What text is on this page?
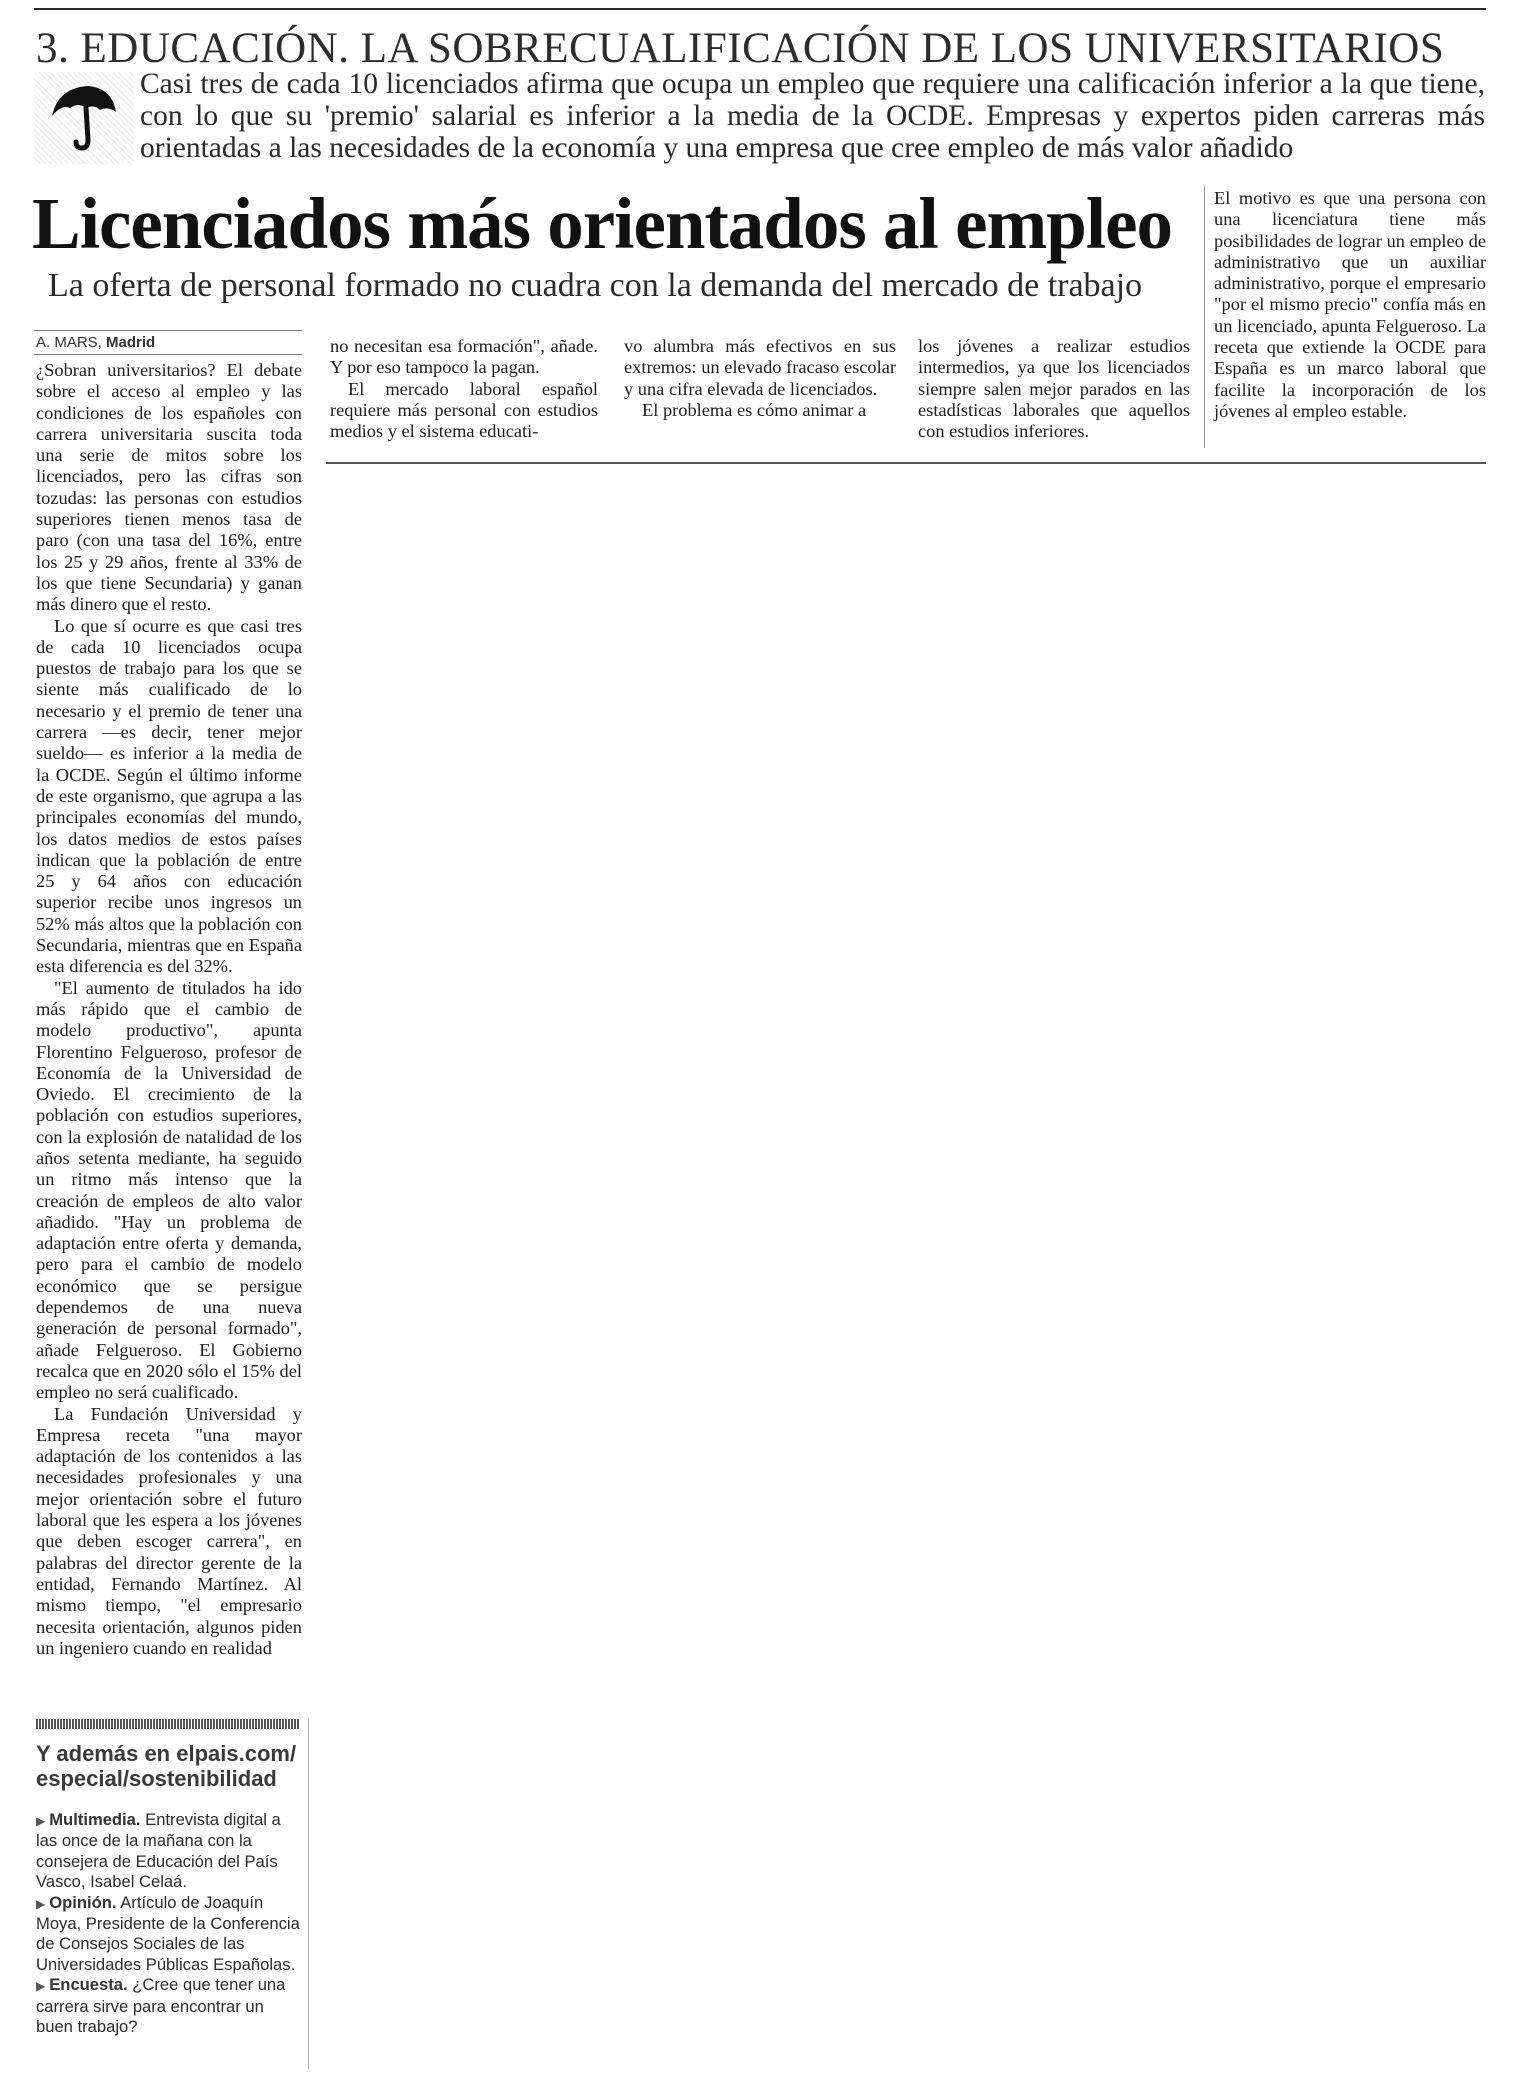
3. EDUCACIÓN. LA SOBRECUALIFICACIÓN DE LOS UNIVERSITARIOS
Casi tres de cada 10 licenciados afirma que ocupa un empleo que requiere una calificación inferior a la que tiene, con lo que su 'premio' salarial es inferior a la media de la OCDE. Empresas y expertos piden carreras más orientadas a las necesidades de la economía y una empresa que cree empleo de más valor añadido
Licenciados más orientados al empleo
La oferta de personal formado no cuadra con la demanda del mercado de trabajo
El motivo es que una persona con una licenciatura tiene más posibilidades de lograr un empleo de administrativo que un auxiliar administrativo, porque el empresario "por el mismo precio" confía más en un licenciado, apunta Felgueroso. La receta que extiende la OCDE para España es un marco laboral que facilite la incorporación de los jóvenes al empleo estable.
A. MARS, Madrid

¿Sobran universitarios? El debate sobre el acceso al empleo y las condiciones de los españoles con carrera universitaria suscita toda una serie de mitos sobre los licenciados, pero las cifras son tozudas: las personas con estudios superiores tienen menos tasa de paro (con una tasa del 16%, entre los 25 y 29 años, frente al 33% de los que tiene Secundaria) y ganan más dinero que el resto.

Lo que sí ocurre es que casi tres de cada 10 licenciados ocupa puestos de trabajo para los que se siente más cualificado de lo necesario y el premio de tener una carrera —es decir, tener mejor sueldo— es inferior a la media de la OCDE. Según el último informe de este organismo, que agrupa a las principales economías del mundo, los datos medios de estos países indican que la población de entre 25 y 64 años con educación superior recibe unos ingresos un 52% más altos que la población con Secundaria, mientras que en España esta diferencia es del 32%.

"El aumento de titulados ha ido más rápido que el cambio de modelo productivo", apunta Florentino Felgueroso, profesor de Economía de la Universidad de Oviedo. El crecimiento de la población con estudios superiores, con la explosión de natalidad de los años setenta mediante, ha seguido un ritmo más intenso que la creación de empleos de alto valor añadido. "Hay un problema de adaptación entre oferta y demanda, pero para el cambio de modelo económico que se persigue dependemos de una nueva generación de personal formado", añade Felgueroso. El Gobierno recalca que en 2020 sólo el 15% del empleo no será cualificado.

La Fundación Universidad y Empresa receta "una mayor adaptación de los contenidos a las necesidades profesionales y una mejor orientación sobre el futuro laboral que les espera a los jóvenes que deben escoger carrera", en palabras del director gerente de la entidad, Fernando Martínez. Al mismo tiempo, "el empresario necesita orientación, algunos piden un ingeniero cuando en realidad

no necesitan esa formación", añade. Y por eso tampoco la pagan.

El mercado laboral español requiere más personal con estudios medios y el sistema educati-

vo alumbra más efectivos en sus extremos: un elevado fracaso escolar y una cifra elevada de licenciados.

El problema es cómo animar a

los jóvenes a realizar estudios intermedios, ya que los licenciados siempre salen mejor parados en las estadísticas laborales que aquellos con estudios inferiores.

Y además en elpais.com/ especial/sostenibilidad
▶ Multimedia. Entrevista digital a las once de la mañana con la consejera de Educación del País Vasco, Isabel Celaá.
▶ Opinión. Artículo de Joaquín Moya, Presidente de la Conferencia de Consejos Sociales de las Universidades Públicas Españolas.
▶ Encuesta. ¿Cree que tener una carrera sirve para encontrar un buen trabajo?
